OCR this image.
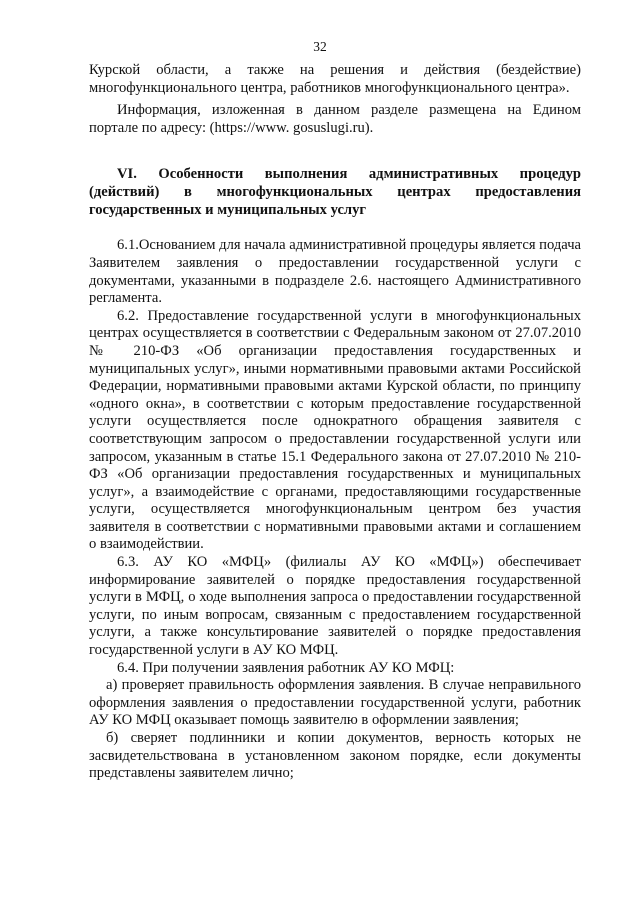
32

Курской области, а также на решения и действия (бездействие) многофункционального центра, работников многофункционального центра».

Информация, изложенная в данном разделе размещена на Едином портале по адресу: (https://www. gosuslugi.ru).

VI. Особенности выполнения административных процедур (действий) в многофункциональных центрах предоставления государственных и муниципальных услуг

6.1.Основанием для начала административной процедуры является подача Заявителем заявления о предоставлении государственной услуги с документами, указанными в подразделе 2.6. настоящего Административного регламента.

6.2. Предоставление государственной услуги в многофункциональных центрах осуществляется в соответствии с Федеральным законом от 27.07.2010 № 210-ФЗ «Об организации предоставления государственных и муниципальных услуг», иными нормативными правовыми актами Российской Федерации, нормативными правовыми актами Курской области, по принципу «одного окна», в соответствии с которым предоставление государственной услуги осуществляется после однократного обращения заявителя с соответствующим запросом о предоставлении государственной услуги или запросом, указанным в статье 15.1 Федерального закона от 27.07.2010 № 210-ФЗ «Об организации предоставления государственных и муниципальных услуг», а взаимодействие с органами, предоставляющими государственные услуги, осуществляется многофункциональным центром без участия заявителя в соответствии с нормативными правовыми актами и соглашением о взаимодействии.

6.3. АУ КО «МФЦ» (филиалы АУ КО «МФЦ») обеспечивает информирование заявителей о порядке предоставления государственной услуги в МФЦ, о ходе выполнения запроса о предоставлении государственной услуги, по иным вопросам, связанным с предоставлением государственной услуги, а также консультирование заявителей о порядке предоставления государственной услуги в АУ КО МФЦ.

6.4. При получении заявления работник АУ КО МФЦ:

а) проверяет правильность оформления заявления. В случае неправильного оформления заявления о предоставлении государственной услуги, работник АУ КО МФЦ оказывает помощь заявителю в оформлении заявления;

б) сверяет подлинники и копии документов, верность которых не засвидетельствована в установленном законом порядке, если документы представлены заявителем лично;
